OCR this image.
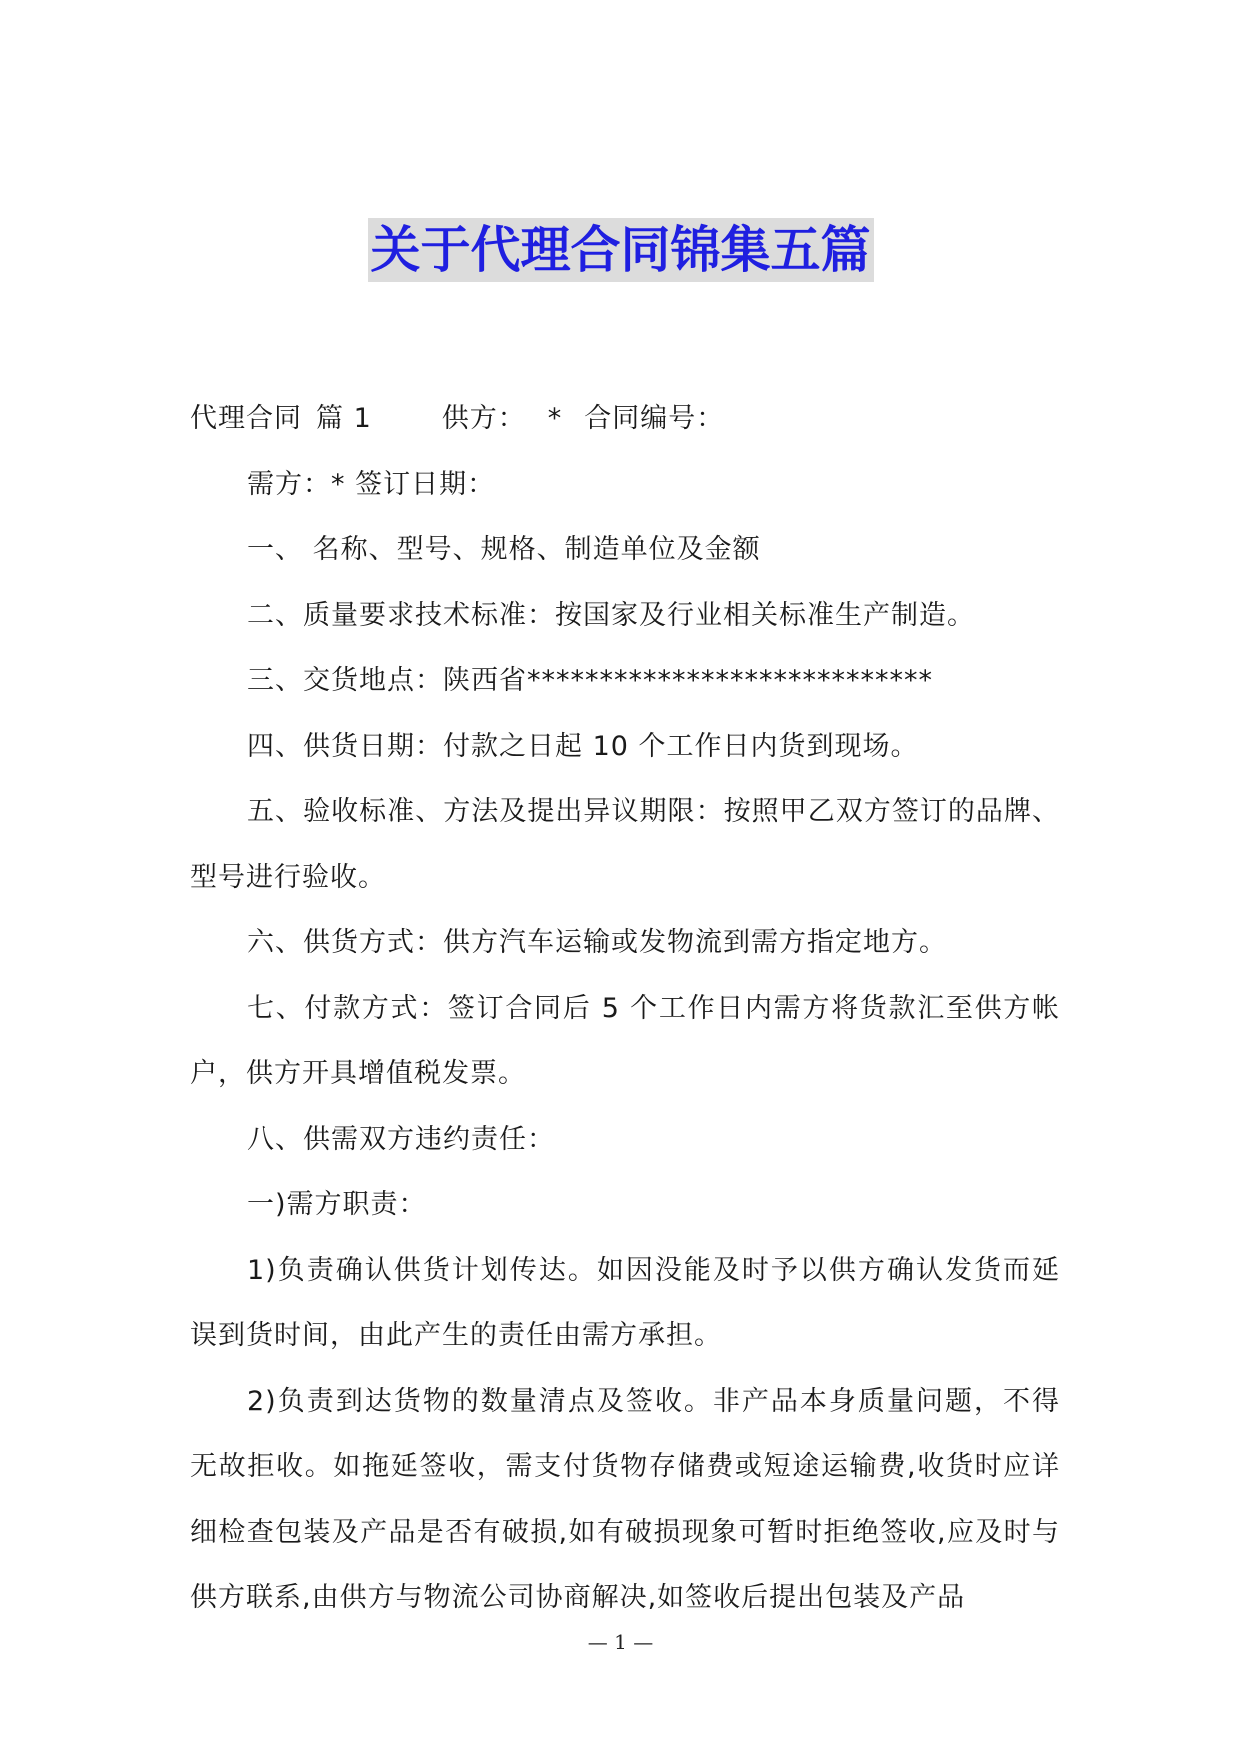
关于代理合同锦集五篇

代理合同 篇 1	供方： * 合同编号：

需方：* 签订日期：

一、 名称、型号、规格、制造单位及金额

二、质量要求技术标准：按国家及行业相关标准生产制造。

三、交货地点：陕西省****************************

四、供货日期：付款之日起 10 个工作日内货到现场。

五、验收标准、方法及提出异议期限：按照甲乙双方签订的品牌、型号进行验收。

六、供货方式：供方汽车运输或发物流到需方指定地方。

七、付款方式：签订合同后 5 个工作日内需方将货款汇至供方帐户，供方开具增值税发票。

八、供需双方违约责任：

一)需方职责：

1)负责确认供货计划传达。如因没能及时予以供方确认发货而延误到货时间，由此产生的责任由需方承担。

2)负责到达货物的数量清点及签收。非产品本身质量问题，不得无故拒收。如拖延签收，需支付货物存储费或短途运输费,收货时应详细检查包装及产品是否有破损,如有破损现象可暂时拒绝签收,应及时与供方联系,由供方与物流公司协商解决,如签收后提出包装及产品

— 1 —
